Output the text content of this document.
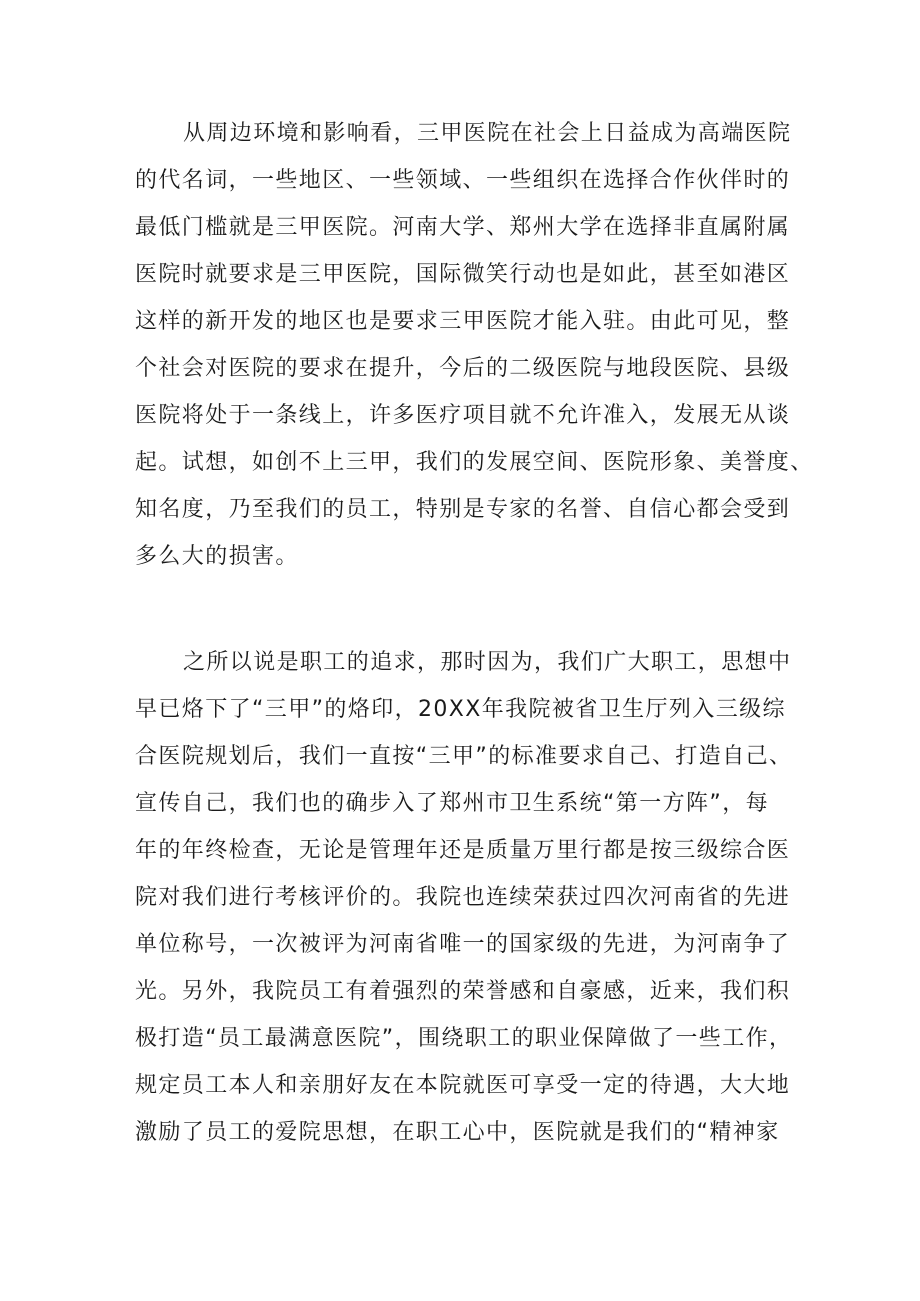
从周边环境和影响看，三甲医院在社会上日益成为高端医院
的代名词，一些地区、一些领域、一些组织在选择合作伙伴时的
最低门槛就是三甲医院。河南大学、郑州大学在选择非直属附属
医院时就要求是三甲医院，国际微笑行动也是如此，甚至如港区
这样的新开发的地区也是要求三甲医院才能入驻。由此可见，整
个社会对医院的要求在提升，今后的二级医院与地段医院、县级
医院将处于一条线上，许多医疗项目就不允许准入，发展无从谈
起。试想，如创不上三甲，我们的发展空间、医院形象、美誉度、
知名度，乃至我们的员工，特别是专家的名誉、自信心都会受到
多么大的损害。
之所以说是职工的追求，那时因为，我们广大职工，思想中
早已烙下了“三甲”的烙印，20XX年我院被省卫生厅列入三级综
合医院规划后，我们一直按“三甲”的标准要求自己、打造自己、
宣传自己，我们也的确步入了郑州市卫生系统“第一方阵”，每
年的年终检查，无论是管理年还是质量万里行都是按三级综合医
院对我们进行考核评价的。我院也连续荣获过四次河南省的先进
单位称号，一次被评为河南省唯一的国家级的先进，为河南争了
光。另外，我院员工有着强烈的荣誉感和自豪感，近来，我们积
极打造“员工最满意医院”，围绕职工的职业保障做了一些工作，
规定员工本人和亲朋好友在本院就医可享受一定的待遇，大大地
激励了员工的爱院思想，在职工心中，医院就是我们的“精神家
